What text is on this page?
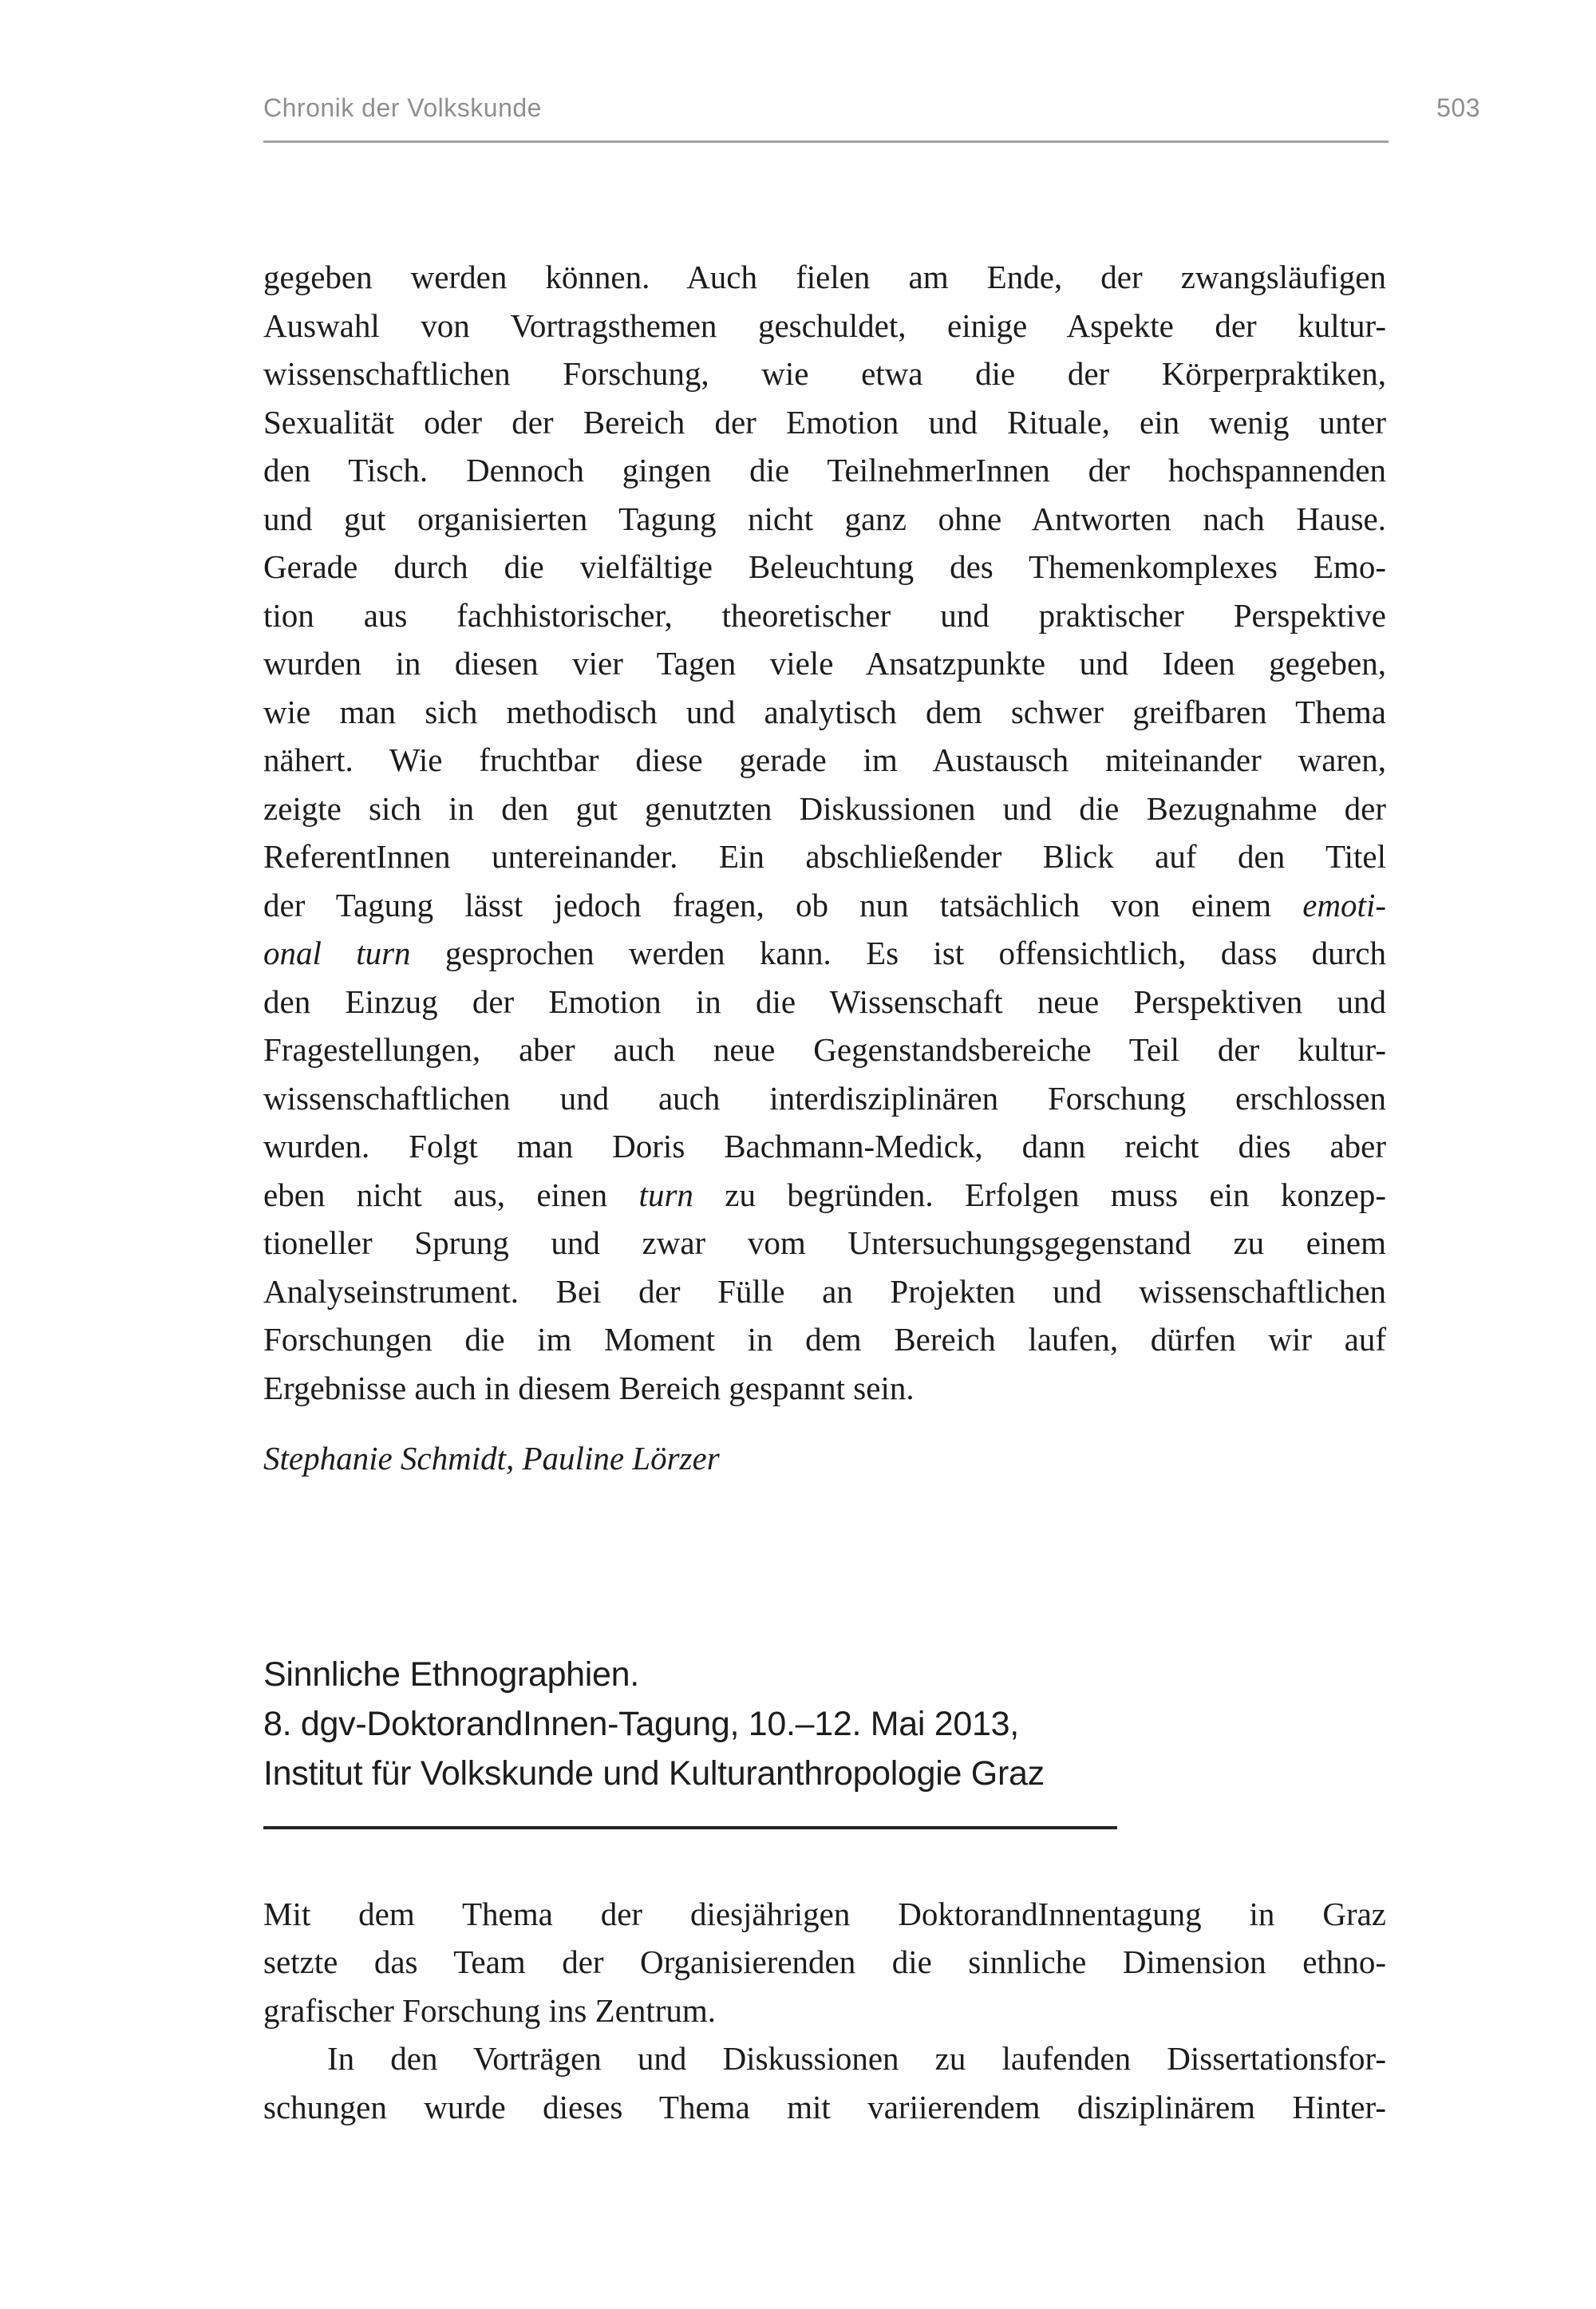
Chronik der Volkskunde	503
gegeben werden können. Auch fielen am Ende, der zwangsläufigen
Auswahl von Vortragsthemen geschuldet, einige Aspekte der kultur-
wissenschaftlichen Forschung, wie etwa die der Körperpraktiken,
Sexualität oder der Bereich der Emotion und Rituale, ein wenig unter
den Tisch. Dennoch gingen die TeilnehmerInnen der hochspannenden
und gut organisierten Tagung nicht ganz ohne Antworten nach Hause.
Gerade durch die vielfältige Beleuchtung des Themenkomplexes Emo-
tion aus fachhistorischer, theoretischer und praktischer Perspektive
wurden in diesen vier Tagen viele Ansatzpunkte und Ideen gegeben,
wie man sich methodisch und analytisch dem schwer greifbaren Thema
nähert. Wie fruchtbar diese gerade im Austausch miteinander waren,
zeigte sich in den gut genutzten Diskussionen und die Bezugnahme der
ReferentInnen untereinander. Ein abschließender Blick auf den Titel
der Tagung lässt jedoch fragen, ob nun tatsächlich von einem emoti-
onal turn gesprochen werden kann. Es ist offensichtlich, dass durch
den Einzug der Emotion in die Wissenschaft neue Perspektiven und
Fragestellungen, aber auch neue Gegenstandsbereiche Teil der kultur-
wissenschaftlichen und auch interdisziplinären Forschung erschlossen
wurden. Folgt man Doris Bachmann-Medick, dann reicht dies aber
eben nicht aus, einen turn zu begründen. Erfolgen muss ein konzep-
tioneller Sprung und zwar vom Untersuchungsgegenstand zu einem
Analyseinstrument. Bei der Fülle an Projekten und wissenschaftlichen
Forschungen die im Moment in dem Bereich laufen, dürfen wir auf
Ergebnisse auch in diesem Bereich gespannt sein.
Stephanie Schmidt, Pauline Lörzer
Sinnliche Ethnographien.
8. dgv-DoktorandInnen-Tagung, 10.–12. Mai 2013,
Institut für Volkskunde und Kulturanthropologie Graz
Mit dem Thema der diesjährigen DoktorandInnentagung in Graz
setzte das Team der Organisierenden die sinnliche Dimension ethno-
grafischer Forschung ins Zentrum.
In den Vorträgen und Diskussionen zu laufenden Dissertationsfor-
schungen wurde dieses Thema mit variierendem disziplinärem Hinter-
